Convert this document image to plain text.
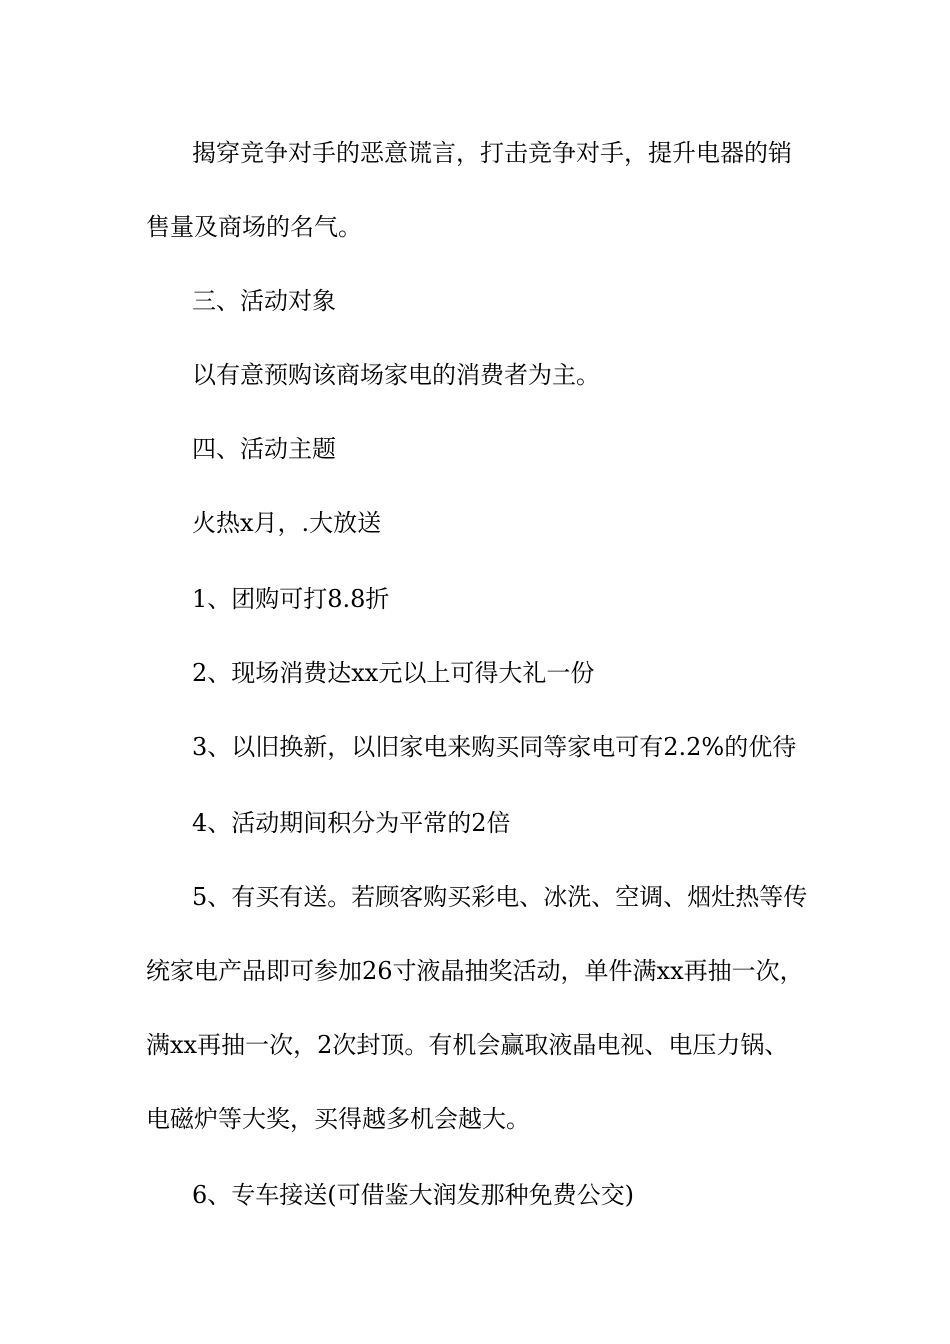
揭穿竞争对手的恶意谎言，打击竞争对手，提升电器的销
售量及商场的名气。
三、活动对象
以有意预购该商场家电的消费者为主。
四、活动主题
火热x月，.大放送
1、团购可打8.8折
2、现场消费达xx元以上可得大礼一份
3、以旧换新，以旧家电来购买同等家电可有2.2%的优待
4、活动期间积分为平常的2倍
5、有买有送。若顾客购买彩电、冰洗、空调、烟灶热等传
统家电产品即可参加26寸液晶抽奖活动，单件满xx再抽一次，
满xx再抽一次，2次封顶。有机会赢取液晶电视、电压力锅、
电磁炉等大奖，买得越多机会越大。
6、专车接送(可借鉴大润发那种免费公交)
